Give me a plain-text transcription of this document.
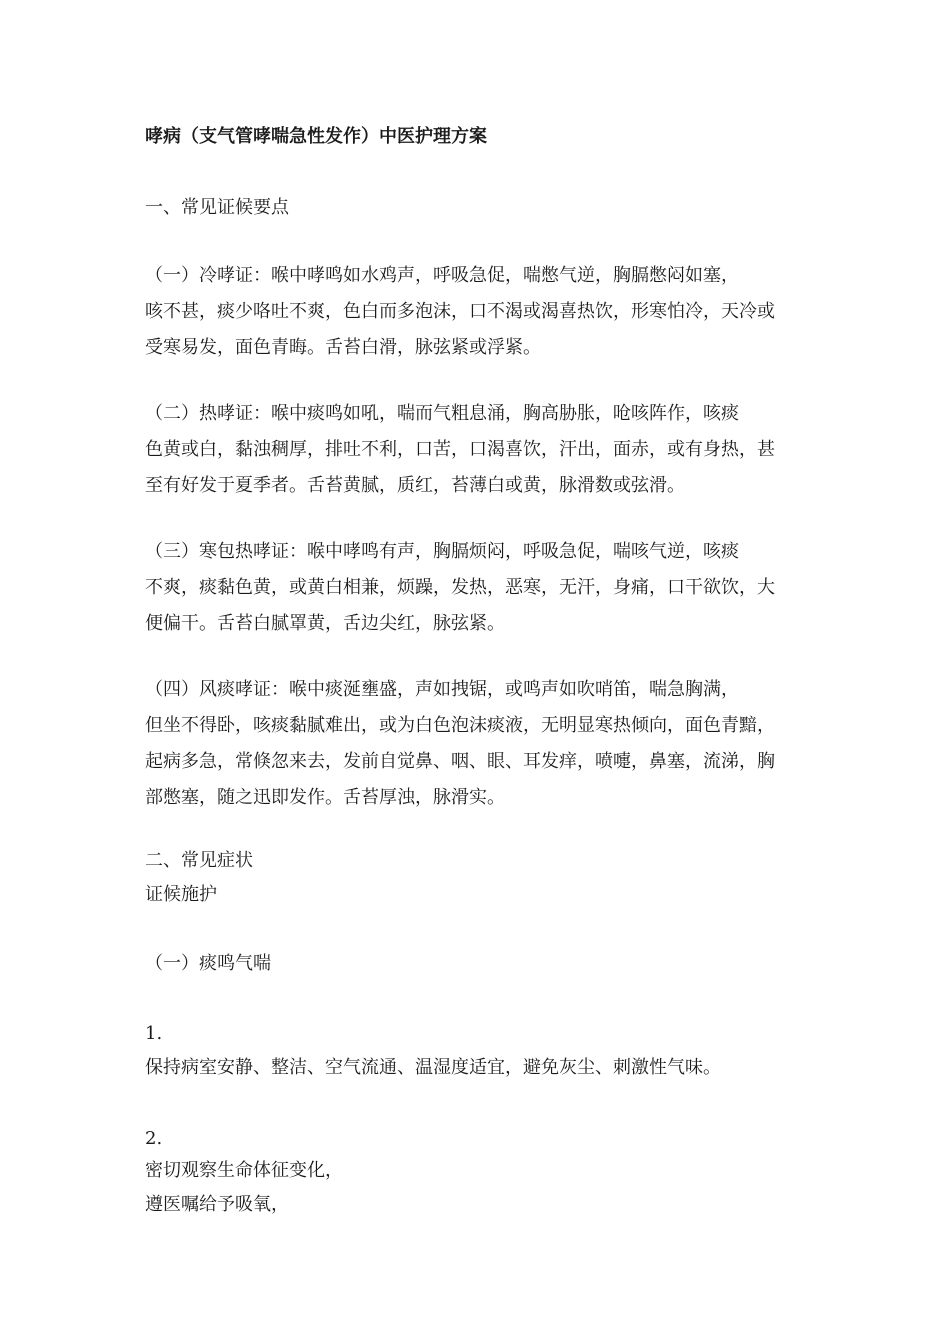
哮病（支气管哮喘急性发作）中医护理方案
一、常见证候要点
（一）冷哮证：喉中哮鸣如水鸡声，呼吸急促，喘憋气逆，胸膈憋闷如塞，
咳不甚，痰少咯吐不爽，色白而多泡沫，口不渴或渴喜热饮，形寒怕冷，天冷或
受寒易发，面色青晦。舌苔白滑，脉弦紧或浮紧。
（二）热哮证：喉中痰鸣如吼，喘而气粗息涌，胸高胁胀，呛咳阵作，咳痰
色黄或白，黏浊稠厚，排吐不利，口苦，口渴喜饮，汗出，面赤，或有身热，甚
至有好发于夏季者。舌苔黄腻，质红，苔薄白或黄，脉滑数或弦滑。
（三）寒包热哮证：喉中哮鸣有声，胸膈烦闷，呼吸急促，喘咳气逆，咳痰
不爽，痰黏色黄，或黄白相兼，烦躁，发热，恶寒，无汗，身痛，口干欲饮，大
便偏干。舌苔白腻罩黄，舌边尖红，脉弦紧。
（四）风痰哮证：喉中痰涎壅盛，声如拽锯，或鸣声如吹哨笛，喘急胸满，
但坐不得卧，咳痰黏腻难出，或为白色泡沫痰液，无明显寒热倾向，面色青黯，
起病多急，常倏忽来去，发前自觉鼻、咽、眼、耳发痒，喷嚏，鼻塞，流涕，胸
部憋塞，随之迅即发作。舌苔厚浊，脉滑实。
二、常见症状
证候施护
（一）痰鸣气喘
1.
保持病室安静、整洁、空气流通、温湿度适宜，避免灰尘、刺激性气味。
2.
密切观察生命体征变化，
遵医嘱给予吸氧，
